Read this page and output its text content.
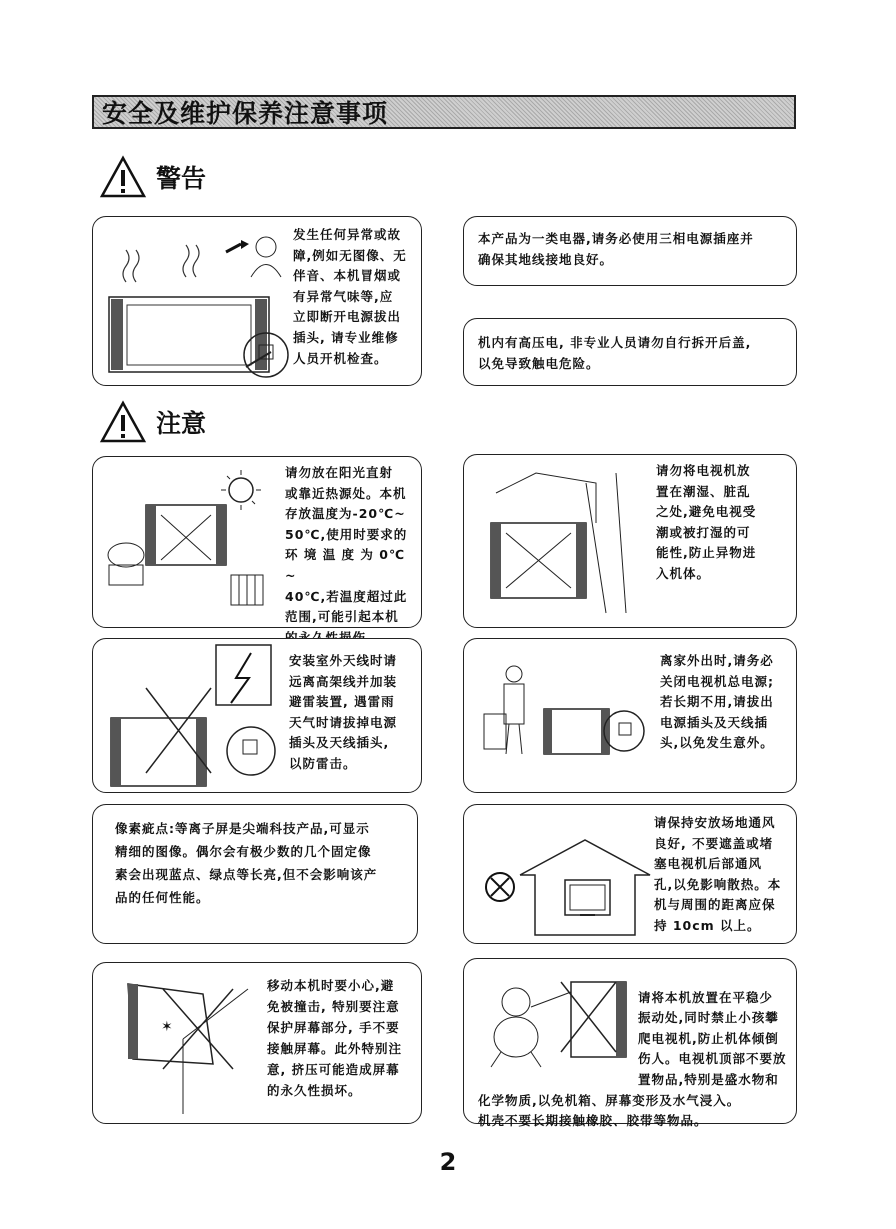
安全及维护保养注意事项
警告
发生任何异常或故
障,例如无图像、无
伴音、本机冒烟或
有异常气味等,应
立即断开电源拔出
插头, 请专业维修
人员开机检查。
本产品为一类电器,请务必使用三相电源插座并
确保其地线接地良好。
机内有高压电, 非专业人员请勿自行拆开后盖,
以免导致触电危险。
注意
请勿放在阳光直射
或靠近热源处。本机
存放温度为-20℃~
50℃,使用时要求的
环 境 温 度 为 0℃ ~
40℃,若温度超过此
范围,可能引起本机

请勿将电视机放
置在潮湿、脏乱
之处,避免电视受
潮或被打湿的可
能性,防止异物进
入机体。
安装室外天线时请
远离高架线并加装
避雷装置, 遇雷雨
天气时请拔掉电源
插头及天线插头,
以防雷击。
离家外出时,请务必
关闭电视机总电源;
若长期不用,请拔出
电源插头及天线插
头,以免发生意外。
像素疵点:等离子屏是尖端科技产品,可显示
精细的图像。偶尔会有极少数的几个固定像
素会出现蓝点、绿点等长亮,但不会影响该产
品的任何性能。
请保持安放场地通风
良好, 不要遮盖或堵
塞电视机后部通风
孔,以免影响散热。本
机与周围的距离应保
持 10cm 以上。
✶
移动本机时要小心,避
免被撞击, 特别要注意
保护屏幕部分, 手不要
接触屏幕。此外特别注
意, 挤压可能造成屏幕
的永久性损坏。

请将本机放置在平稳少
振动处,同时禁止小孩攀
爬电视机,防止机体倾倒
伤人。电视机顶部不要放
置物品,特别是盛水物和
化学物质,以免机箱、屏幕变形及水气浸入。
机壳不要长期接触橡胶、胶带等物品。

2
